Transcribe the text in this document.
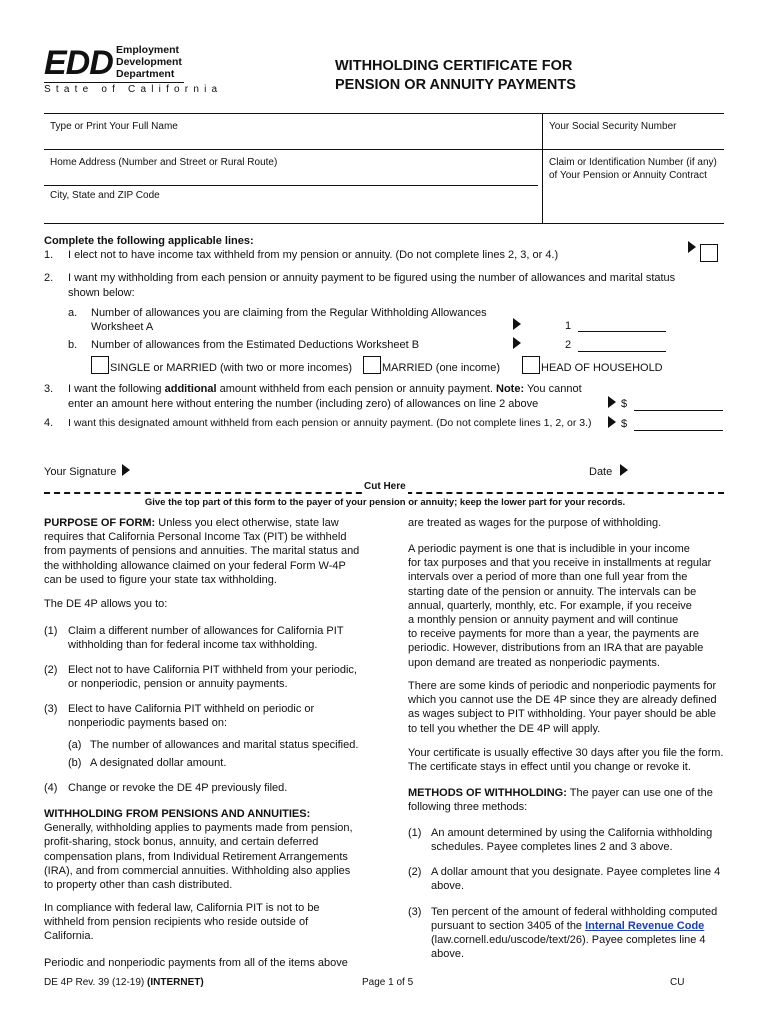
EDD Employment
Development
Department
State of California
WITHHOLDING CERTIFICATE FOR
PENSION OR ANNUITY PAYMENTS
Type or Print Your Full Name	Your Social Security Number
Home Address (Number and Street or Rural Route)	Claim or Identification Number (if any)
of Your Pension or Annuity Contract
City, State and ZIP Code
Complete the following applicable lines:
1. I elect not to have income tax withheld from my pension or annuity. (Do not complete lines 2, 3, or 4.)
2. I want my withholding from each pension or annuity payment to be figured using the number of allowances and marital status
shown below:
a. Number of allowances you are claiming from the Regular Withholding Allowances
Worksheet A	1
b. Number of allowances from the Estimated Deductions Worksheet B	2
SINGLE or MARRIED (with two or more incomes)	MARRIED (one income)	HEAD OF HOUSEHOLD
3. I want the following additional amount withheld from each pension or annuity payment. Note: You cannot
enter an amount here without entering the number (including zero) of allowances on line 2 above	$
4. I want this designated amount withheld from each pension or annuity payment. (Do not complete lines 1, 2, or 3.)	$
Your Signature	Date
Cut Here
Give the top part of this form to the payer of your pension or annuity; keep the lower part for your records.

PURPOSE OF FORM: Unless you elect otherwise, state law

requires that California Personal Income Tax (PIT) be withheld

from payments of pensions and annuities. The marital status and

the withholding allowance claimed on your federal Form W-4P

can be used to figure your state tax withholding.

The DE 4P allows you to:
(1) Claim a different number of allowances for California PIT
withholding than for federal income tax withholding.
(2) Elect not to have California PIT withheld from your periodic,
or nonperiodic, pension or annuity payments.
(3) Elect to have California PIT withheld on periodic or
nonperiodic payments based on:
(a) The number of allowances and marital status specified.
(b) A designated dollar amount.
(4) Change or revoke the DE 4P previously filed.

WITHHOLDING FROM PENSIONS AND ANNUITIES:

Generally, withholding applies to payments made from pension,

profit-sharing, stock bonus, annuity, and certain deferred

compensation plans, from Individual Retirement Arrangements

(IRA), and from commercial annuities. Withholding also applies

to property other than cash distributed.

In compliance with federal law, California PIT is not to be

withheld from pension recipients who reside outside of

California.

Periodic and nonperiodic payments from all of the items above
are treated as wages for the purpose of withholding.

A periodic payment is one that is includible in your income

for tax purposes and that you receive in installments at regular

intervals over a period of more than one full year from the

starting date of the pension or annuity. The intervals can be

annual, quarterly, monthly, etc. For example, if you receive

a monthly pension or annuity payment and will continue

to receive payments for more than a year, the payments are

periodic. However, distributions from an IRA that are payable

upon demand are treated as nonperiodic payments.

There are some kinds of periodic and nonperiodic payments for

which you cannot use the DE 4P since they are already defined

as wages subject to PIT withholding. Your payer should be able

to tell you whether the DE 4P will apply.

Your certificate is usually effective 30 days after you file the form.

The certificate stays in effect until you change or revoke it.

METHODS OF WITHHOLDING: The payer can use one of the

following three methods:

(1) An amount determined by using the California withholding
schedules. Payee completes lines 2 and 3 above.
(2) A dollar amount that you designate. Payee completes line 4
above.
(3) Ten percent of the amount of federal withholding computed
pursuant to section 3405 of the Internal Revenue Code
(law.cornell.edu/uscode/text/26). Payee completes line 4
above.
DE 4P Rev. 39 (12-19) (INTERNET)	Page 1 of 5	CU
